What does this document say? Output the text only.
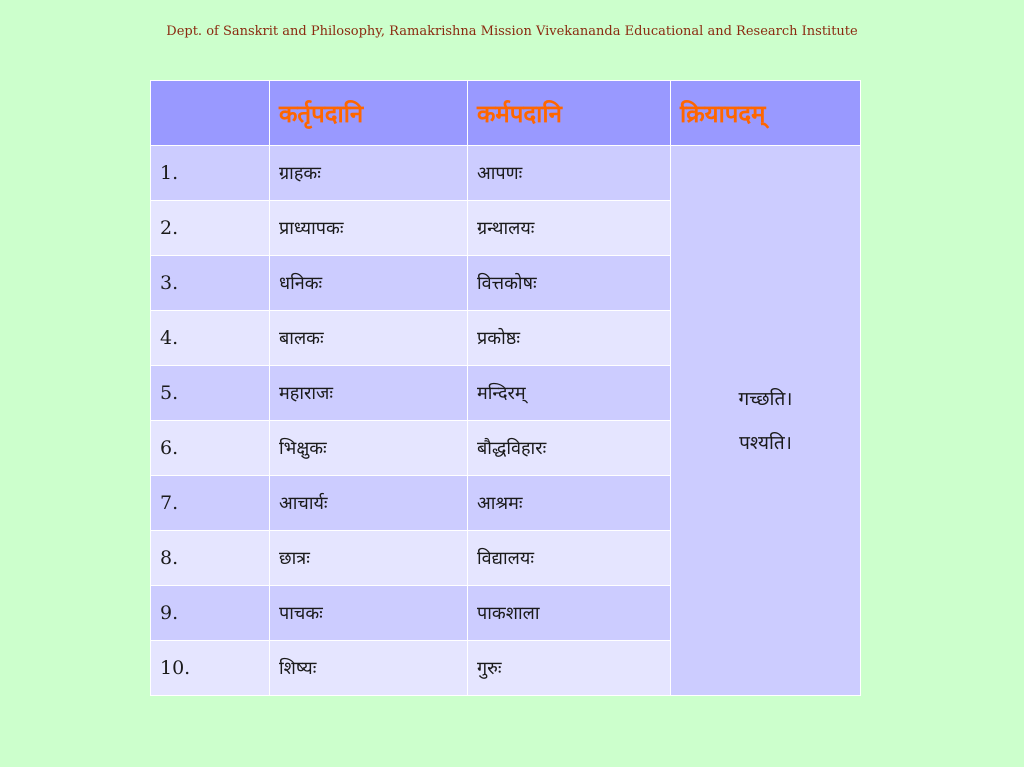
Dept. of Sanskrit and Philosophy, Ramakrishna Mission Vivekananda Educational and Research Institute
	कर्तृपदानि	कर्मपदानि	क्रियापदम्
1.	ग्राहकः	आपणः	गच्छति।
पश्यति।

2.	प्राध्यापकः	ग्रन्थालयः	
3.	धनिकः	वित्तकोषः	
4.	बालकः	प्रकोष्ठः	
5.	महाराजः	मन्दिरम्	
6.	भिक्षुकः	बौद्धविहारः	
7.	आचार्यः	आश्रमः	
8.	छात्रः	विद्यालयः	
9.	पाचकः	पाकशाला	
10.	शिष्यः	गुरुः	
